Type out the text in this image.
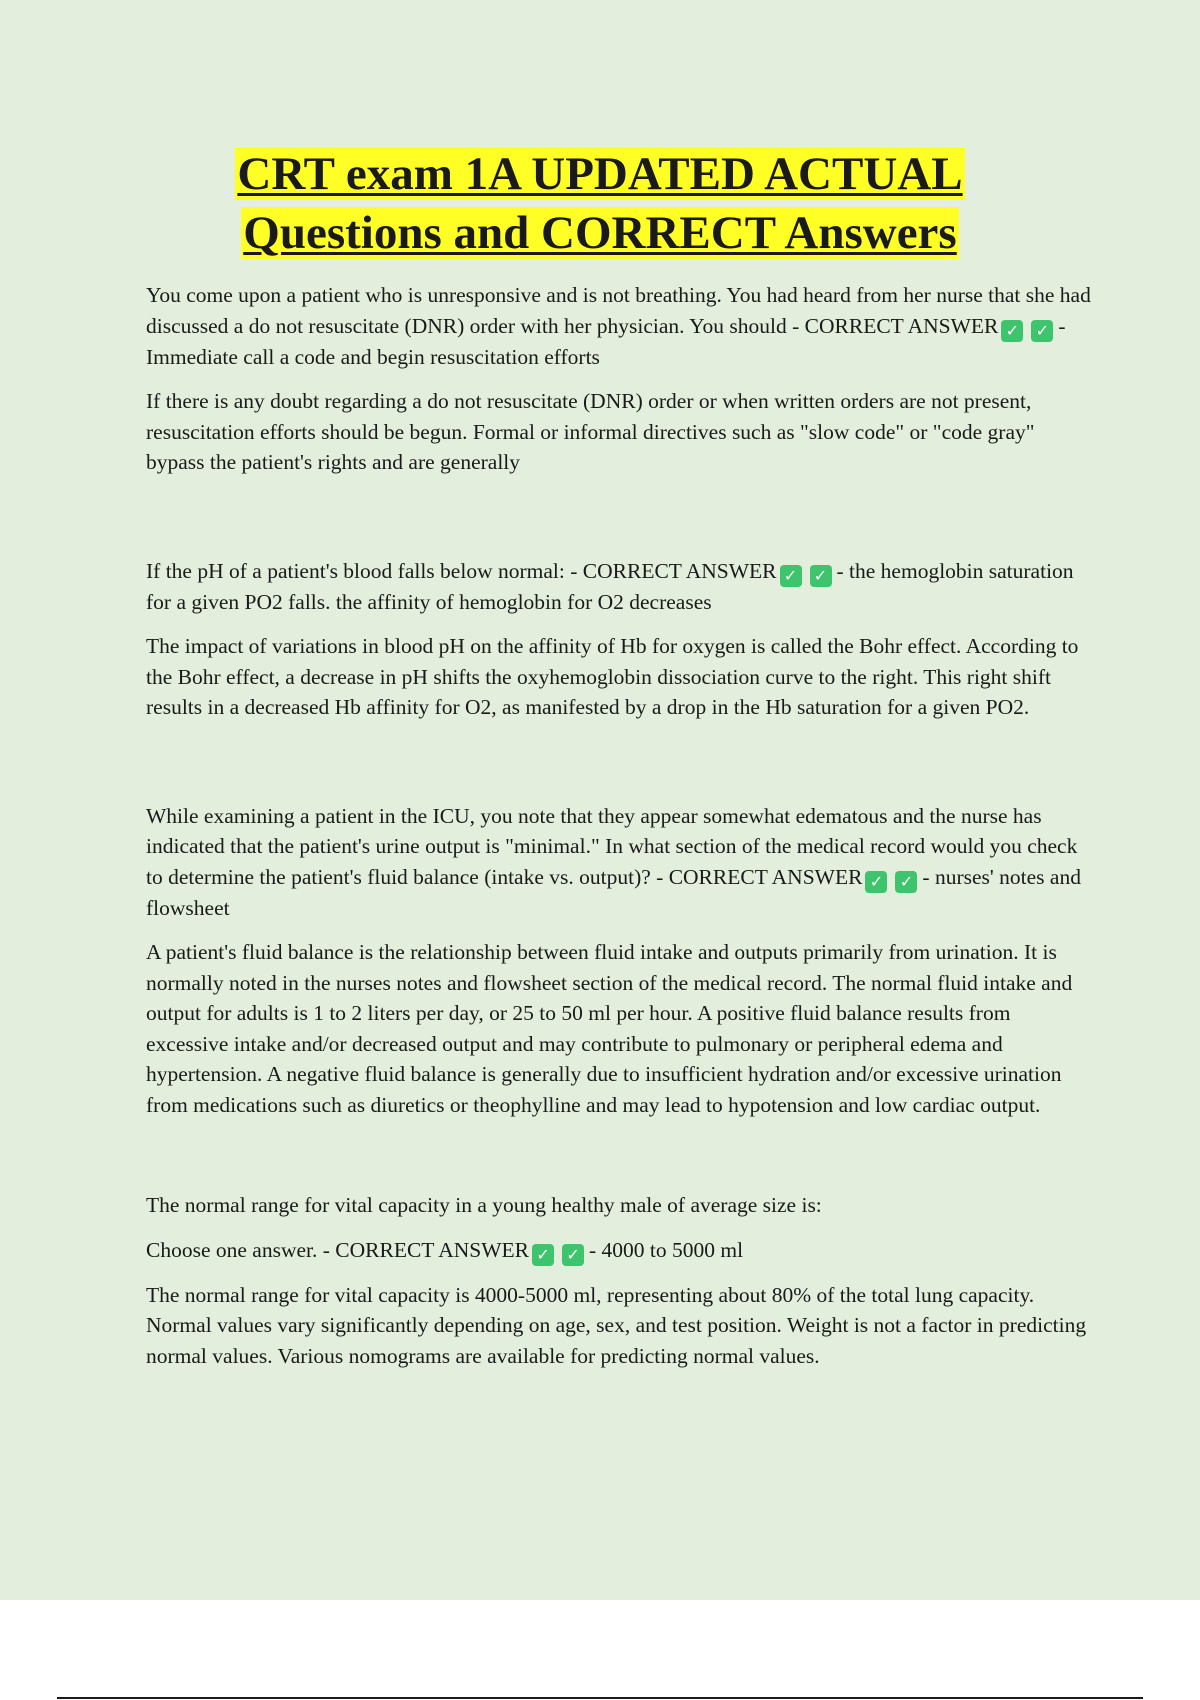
CRT exam 1A UPDATED ACTUAL
Questions and CORRECT Answers

You come upon a patient who is unresponsive and is not breathing. You had heard from her nurse that she had discussed a do not resuscitate (DNR) order with her physician. You should - CORRECT ANSWER ✓ ✓ - Immediate call a code and begin resuscitation efforts

If there is any doubt regarding a do not resuscitate (DNR) order or when written orders are not present, resuscitation efforts should be begun. Formal or informal directives such as "slow code" or "code gray" bypass the patient's rights and are generally

If the pH of a patient's blood falls below normal: - CORRECT ANSWER ✓ ✓ - the hemoglobin saturation for a given PO2 falls. the affinity of hemoglobin for O2 decreases

The impact of variations in blood pH on the affinity of Hb for oxygen is called the Bohr effect. According to the Bohr effect, a decrease in pH shifts the oxyhemoglobin dissociation curve to the right. This right shift results in a decreased Hb affinity for O2, as manifested by a drop in the Hb saturation for a given PO2.

While examining a patient in the ICU, you note that they appear somewhat edematous and the nurse has indicated that the patient's urine output is "minimal." In what section of the medical record would you check to determine the patient's fluid balance (intake vs. output)? - CORRECT ANSWER ✓ ✓ - nurses' notes and flowsheet

A patient's fluid balance is the relationship between fluid intake and outputs primarily from urination. It is normally noted in the nurses notes and flowsheet section of the medical record. The normal fluid intake and output for adults is 1 to 2 liters per day, or 25 to 50 ml per hour. A positive fluid balance results from excessive intake and/or decreased output and may contribute to pulmonary or peripheral edema and hypertension. A negative fluid balance is generally due to insufficient hydration and/or excessive urination from medications such as diuretics or theophylline and may lead to hypotension and low cardiac output.

The normal range for vital capacity in a young healthy male of average size is:

Choose one answer. - CORRECT ANSWER ✓ ✓ - 4000 to 5000 ml

The normal range for vital capacity is 4000-5000 ml, representing about 80% of the total lung capacity. Normal values vary significantly depending on age, sex, and test position. Weight is not a factor in predicting normal values. Various nomograms are available for predicting normal values.
